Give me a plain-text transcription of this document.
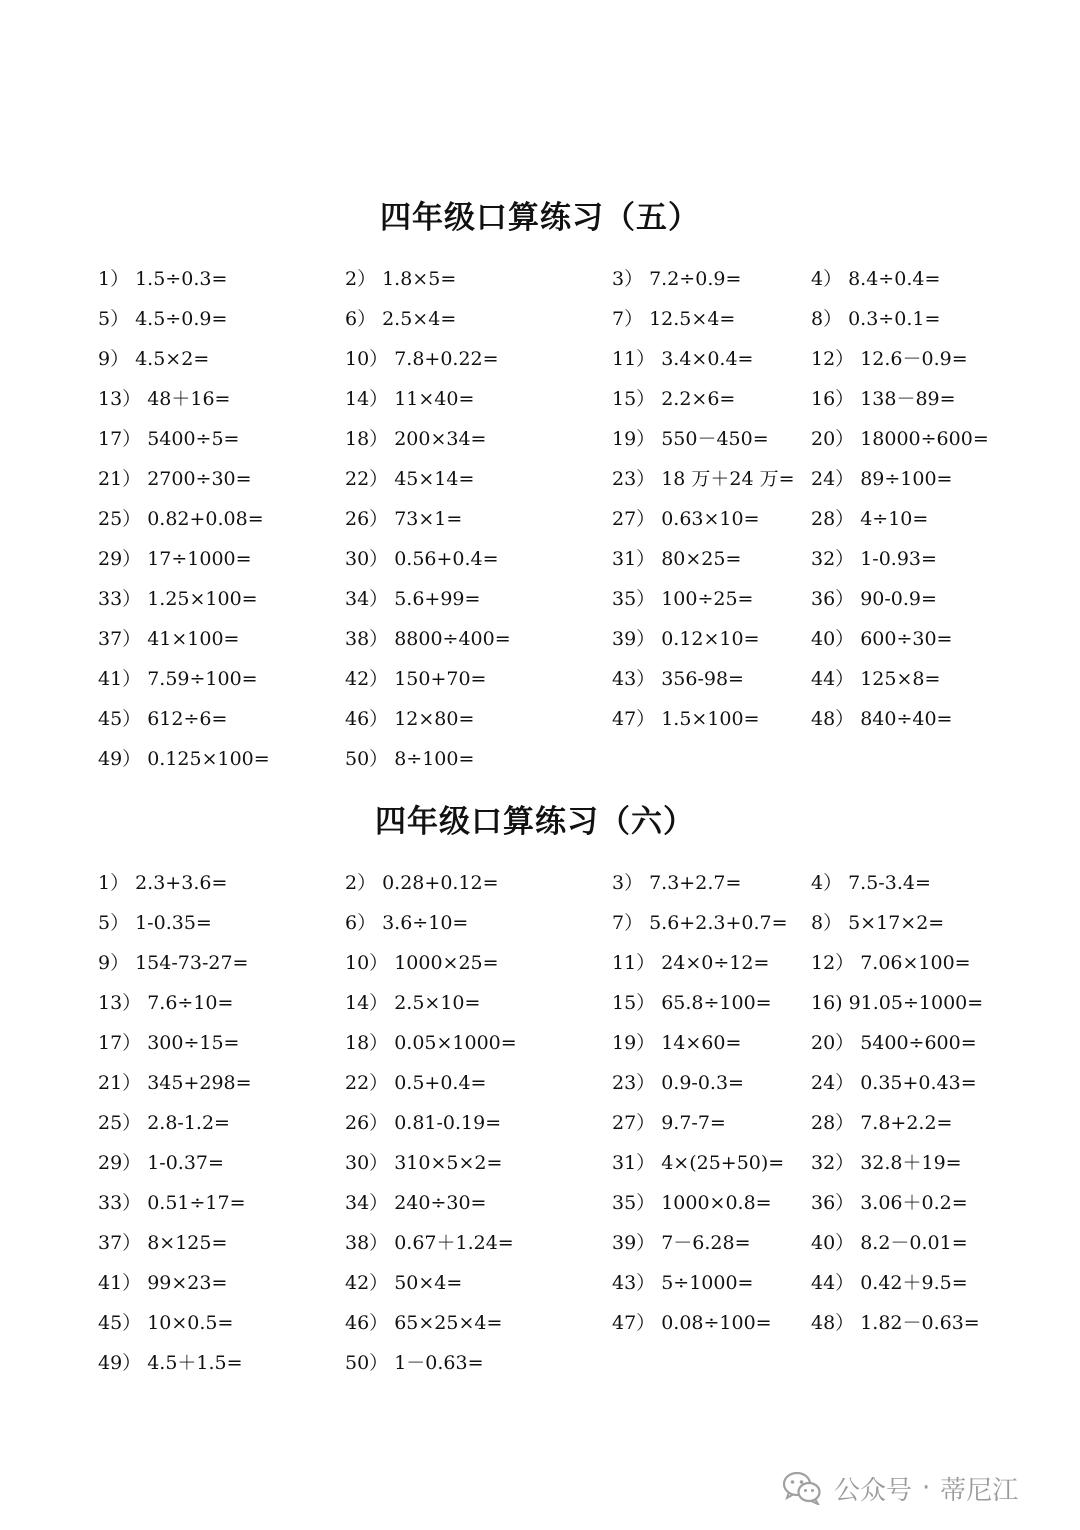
四年级口算练习（五）
1） 1.5÷0.3=	2） 1.8×5=	3） 7.2÷0.9=	4） 8.4÷0.4=
5） 4.5÷0.9=	6） 2.5×4=	7） 12.5×4=	8） 0.3÷0.1=
9） 4.5×2=	10） 7.8+0.22=	11） 3.4×0.4=	12） 12.6－0.9=
13） 48＋16=	14） 11×40=	15） 2.2×6=	16） 138－89=
17） 5400÷5=	18） 200×34=	19） 550－450= 20） 18000÷600=
21） 2700÷30=	22） 45×14=	23） 18 万＋24 万= 24） 89÷100=
25） 0.82+0.08=	26） 73×1=	27） 0.63×10=	28） 4÷10=
29） 17÷1000=	30） 0.56+0.4=	31） 80×25=	32） 1-0.93=
33） 1.25×100=	34） 5.6+99=	35） 100÷25=	36） 90-0.9=
37） 41×100=	38） 8800÷400=	39） 0.12×10=	40） 600÷30=
41） 7.59÷100=	42） 150+70=	43） 356-98=	44） 125×8=
45） 612÷6=	46） 12×80=	47） 1.5×100=	48） 840÷40=
49） 0.125×100=	50） 8÷100=
四年级口算练习（六）
1） 2.3+3.6=	2） 0.28+0.12=	3） 7.3+2.7=	4） 7.5-3.4=
5） 1-0.35=	6） 3.6÷10=	7） 5.6+2.3+0.7= 8） 5×17×2=
9） 154-73-27=	10） 1000×25=	11） 24×0÷12= 12） 7.06×100=
13） 7.6÷10=	14） 2.5×10=	15） 65.8÷100= 16) 91.05÷1000=
17） 300÷15=	18） 0.05×1000=	19） 14×60=	20） 5400÷600=
21） 345+298=	22） 0.5+0.4=	23） 0.9-0.3=	24） 0.35+0.43=
25） 2.8-1.2=	26） 0.81-0.19=	27） 9.7-7=	28） 7.8+2.2=
29） 1-0.37=	30） 310×5×2=	31） 4×(25+50)= 32） 32.8＋19=
33） 0.51÷17=	34） 240÷30=	35） 1000×0.8= 36） 3.06＋0.2=
37） 8×125=	38） 0.67＋1.24=	39） 7－6.28=	40） 8.2－0.01=
41） 99×23=	42） 50×4=	43） 5÷1000=	44） 0.42＋9.5=
45） 10×0.5=	46） 65×25×4=	47） 0.08÷100= 48） 1.82－0.63=
49） 4.5＋1.5=	50） 1－0.63=
公众号 · 蒂尼江
